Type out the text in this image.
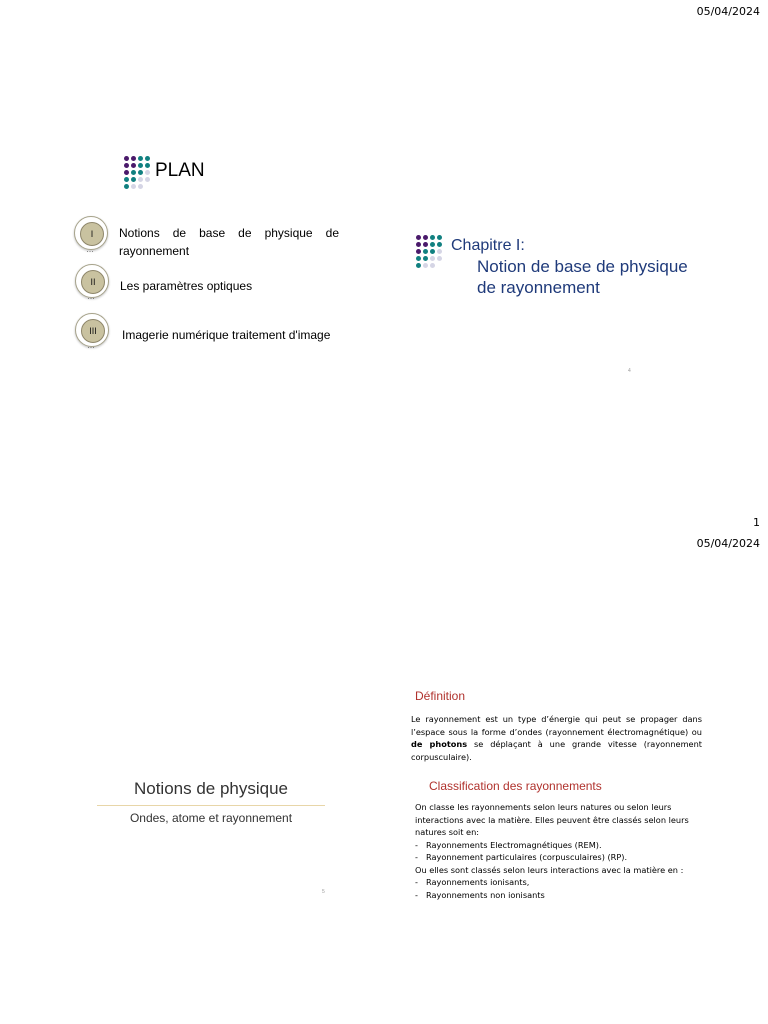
05/04/2024
PLAN
I
…
Notions de base de physique de rayonnement
II
…
Les paramètres optiques
III
…
Imagerie numérique traitement d'image
Chapitre I:
Notion de base de physique
de rayonnement
4
1
05/04/2024
Notions de physique
Ondes, atome et rayonnement
5
Définition
Le rayonnement est un type d’énergie qui peut se propager dans l’espace sous la forme d’ondes (rayonnement électromagnétique) ou de photons se déplaçant à une grande vitesse (rayonnement corpusculaire).
Classification des rayonnements
On classe les rayonnements selon leurs natures ou selon leurs interactions avec la matière. Elles peuvent être classés selon leurs natures soit en:
- Rayonnements Electromagnétiques (REM).
- Rayonnement particulaires (corpusculaires) (RP).
Ou elles sont classés selon leurs interactions avec la matière en :
- Rayonnements ionisants,
- Rayonnements non ionisants
